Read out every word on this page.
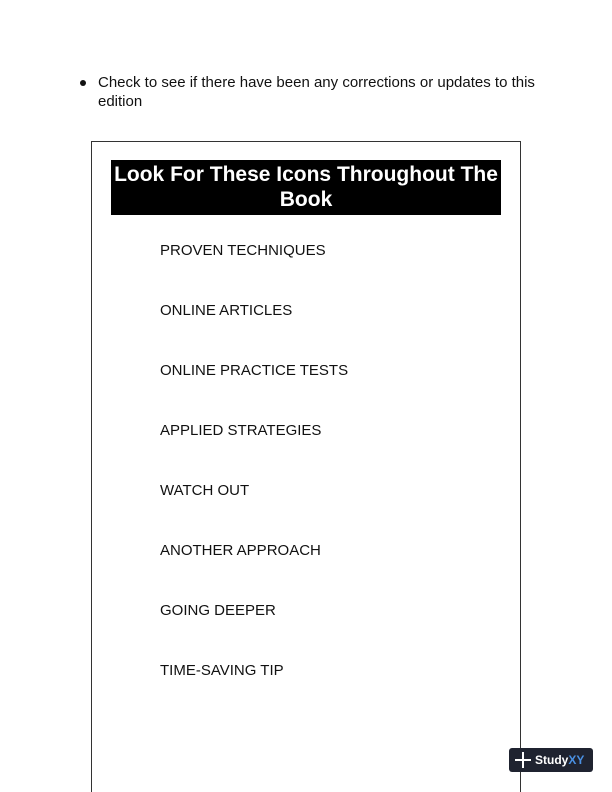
Check to see if there have been any corrections or updates to this edition
Look For These Icons Throughout The Book
PROVEN TECHNIQUES
ONLINE ARTICLES
ONLINE PRACTICE TESTS
APPLIED STRATEGIES
WATCH OUT
ANOTHER APPROACH
GOING DEEPER
TIME-SAVING TIP
Study XY
